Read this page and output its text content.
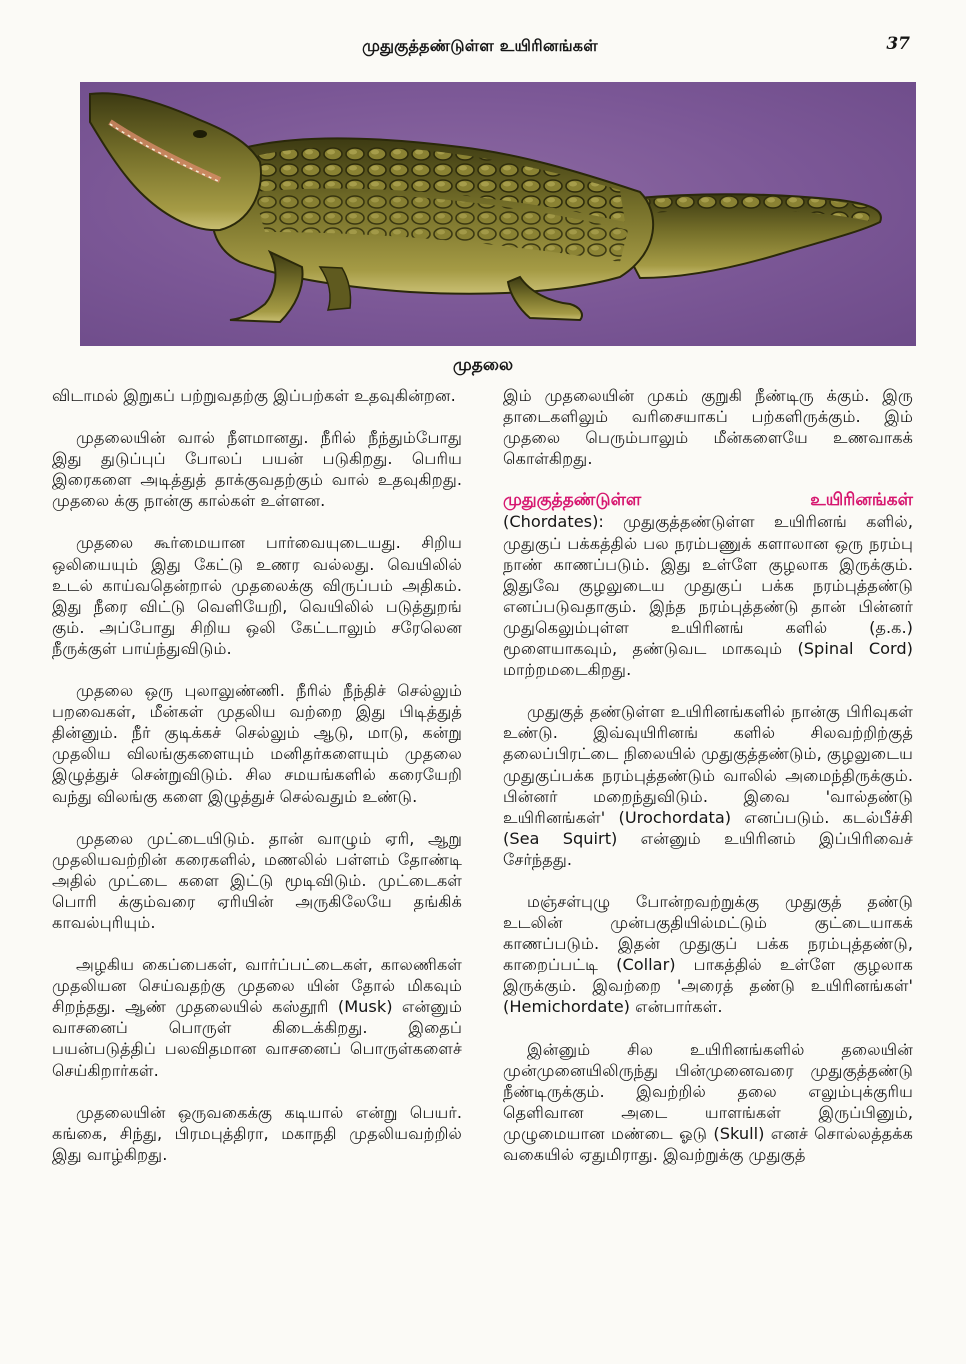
முதுகுத்தண்டுள்ள உயிரினங்கள்	37
முதலை

விடாமல் இறுகப் பற்றுவதற்கு இப்பற்கள் உதவுகின்றன.

முதலையின் வால் நீளமானது. நீரில் நீந்தும்போது இது துடுப்புப் போலப் பயன் படுகிறது. பெரிய இரைகளை அடித்துத் தாக்குவதற்கும் வால் உதவுகிறது. முதலை க்கு நான்கு கால்கள் உள்ளன.

முதலை கூர்மையான பார்வையுடையது. சிறிய ஒலியையும் இது கேட்டு உணர வல்லது. வெயிலில் உடல் காய்வதென்றால் முதலைக்கு விருப்பம் அதிகம். இது நீரை விட்டு வெளியேறி, வெயிலில் படுத்துறங் கும். அப்போது சிறிய ஒலி கேட்டாலும் சரேலென நீருக்குள் பாய்ந்துவிடும்.

முதலை ஒரு புலாலுண்ணி. நீரில் நீந்திச் செல்லும் பறவைகள், மீன்கள் முதலிய வற்றை இது பிடித்துத் தின்னும். நீர் குடிக்கச் செல்லும் ஆடு, மாடு, கன்று முதலிய விலங்குகளையும் மனிதர்களையும் முதலை இழுத்துச் சென்றுவிடும். சில சமயங்களில் கரையேறி வந்து விலங்கு களை இழுத்துச் செல்வதும் உண்டு.

முதலை முட்டையிடும். தான் வாழும் ஏரி, ஆறு முதலியவற்றின் கரைகளில், மணலில் பள்ளம் தோண்டி அதில் முட்டை களை இட்டு மூடிவிடும். முட்டைகள் பொரி க்கும்வரை ஏரியின் அருகிலேயே தங்கிக் காவல்புரியும்.

அழகிய கைப்பைகள், வார்ப்பட்டைகள், காலணிகள் முதலியன செய்வதற்கு முதலை யின் தோல் மிகவும் சிறந்தது. ஆண் முதலையில் கஸ்தூரி (Musk) என்னும் வாசனைப் பொருள் கிடைக்கிறது. இதைப் பயன்படுத்திப் பலவிதமான வாசனைப் பொருள்களைச் செய்கிறார்கள்.

முதலையின் ஒருவகைக்கு கடியால் என்று பெயர். கங்கை, சிந்து, பிரமபுத்திரா, மகாநதி முதலியவற்றில் இது வாழ்கிறது.

இம் முதலையின் முகம் குறுகி நீண்டிரு க்கும். இரு தாடைகளிலும் வரிசையாகப் பற்களிருக்கும். இம் முதலை பெரும்பாலும் மீன்களையே உணவாகக் கொள்கிறது.

முதுகுத்தண்டுள்ள உயிரினங்கள்

(Chordates): முதுகுத்தண்டுள்ள உயிரினங் களில், முதுகுப் பக்கத்தில் பல நரம்பணுக் களாலான ஒரு நரம்பு நாண் காணப்படும். இது உள்ளே குழலாக இருக்கும். இதுவே குழலுடைய முதுகுப் பக்க நரம்புத்தண்டு எனப்படுவதாகும். இந்த நரம்புத்தண்டு தான் பின்னர் முதுகெலும்புள்ள உயிரினங் களில் (த.க.) மூளையாகவும், தண்டுவட மாகவும் (Spinal Cord) மாற்றமடைகிறது.

முதுகுத் தண்டுள்ள உயிரினங்களில் நான்கு பிரிவுகள் உண்டு. இவ்வுயிரினங் களில் சிலவற்றிற்குத் தலைப்பிரட்டை நிலையில் முதுகுத்தண்டும், குழலுடைய முதுகுப்பக்க நரம்புத்தண்டும் வாலில் அமைந்திருக்கும். பின்னர் மறைந்துவிடும். இவை 'வால்தண்டு உயிரினங்கள்' (Urochordata) எனப்படும். கடல்பீச்சி (Sea Squirt) என்னும் உயிரினம் இப்பிரிவைச் சேர்ந்தது.

மஞ்சள்புழு போன்றவற்றுக்கு முதுகுத் தண்டு உடலின் முன்பகுதியில்மட்டும் குட்டையாகக் காணப்படும். இதன் முதுகுப் பக்க நரம்புத்தண்டு, காறைப்பட்டி (Collar) பாகத்தில் உள்ளே குழலாக இருக்கும். இவற்றை 'அரைத் தண்டு உயிரினங்கள்' (Hemichordate) என்பார்கள்.

இன்னும் சில உயிரினங்களில் தலையின் முன்முனையிலிருந்து பின்முனைவரை முதுகுத்தண்டு நீண்டிருக்கும். இவற்றில் தலை எலும்புக்குரிய தெளிவான அடை யாளங்கள் இருப்பினும், முழுமையான மண்டை ஓடு (Skull) எனச் சொல்லத்தக்க வகையில் ஏதுமிராது. இவற்றுக்கு முதுகுத்
